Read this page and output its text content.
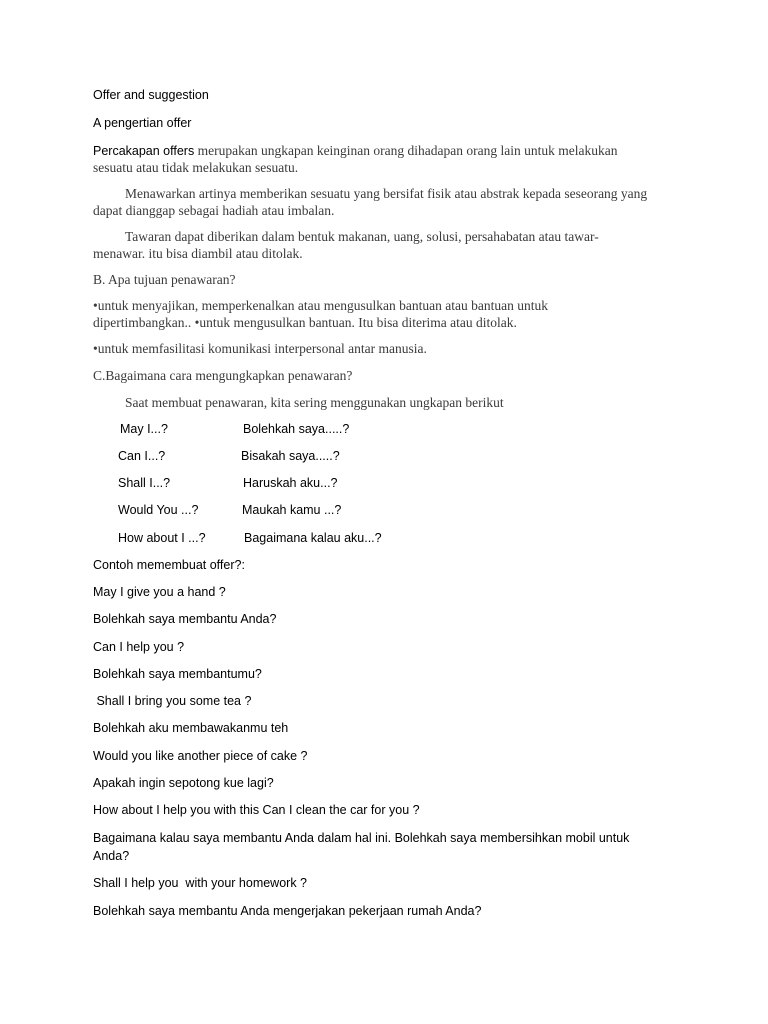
Offer and suggestion
A pengertian offer
Percakapan offers merupakan ungkapan keinginan orang dihadapan orang lain untuk melakukan
sesuatu atau tidak melakukan sesuatu.
Menawarkan artinya memberikan sesuatu yang bersifat fisik atau abstrak kepada seseorang yang
dapat dianggap sebagai hadiah atau imbalan.
Tawaran dapat diberikan dalam bentuk makanan, uang, solusi, persahabatan atau tawar-
menawar. itu bisa diambil atau ditolak.
B. Apa tujuan penawaran?
•untuk menyajikan, memperkenalkan atau mengusulkan bantuan atau bantuan untuk
dipertimbangkan.. •untuk mengusulkan bantuan. Itu bisa diterima atau ditolak.
•untuk memfasilitasi komunikasi interpersonal antar manusia.
C.Bagaimana cara mengungkapkan penawaran?
Saat membuat penawaran, kita sering menggunakan ungkapan berikut
May I...?	Bolehkah saya.....?
Can I...?	Bisakah saya.....?
Shall I...?	Haruskah aku...?
Would You ...?	Maukah kamu ...?
How about I ...?	Bagaimana kalau aku...?
Contoh memembuat offer?:
May I give you a hand ?
Bolehkah saya membantu Anda?
Can I help you ?
Bolehkah saya membantumu?
Shall I bring you some tea ?
Bolehkah aku membawakanmu teh
Would you like another piece of cake ?
Apakah ingin sepotong kue lagi?
How about I help you with this Can I clean the car for you ?
Bagaimana kalau saya membantu Anda dalam hal ini. Bolehkah saya membersihkan mobil untuk
Anda?
Shall I help you  with your homework ?
Bolehkah saya membantu Anda mengerjakan pekerjaan rumah Anda?
